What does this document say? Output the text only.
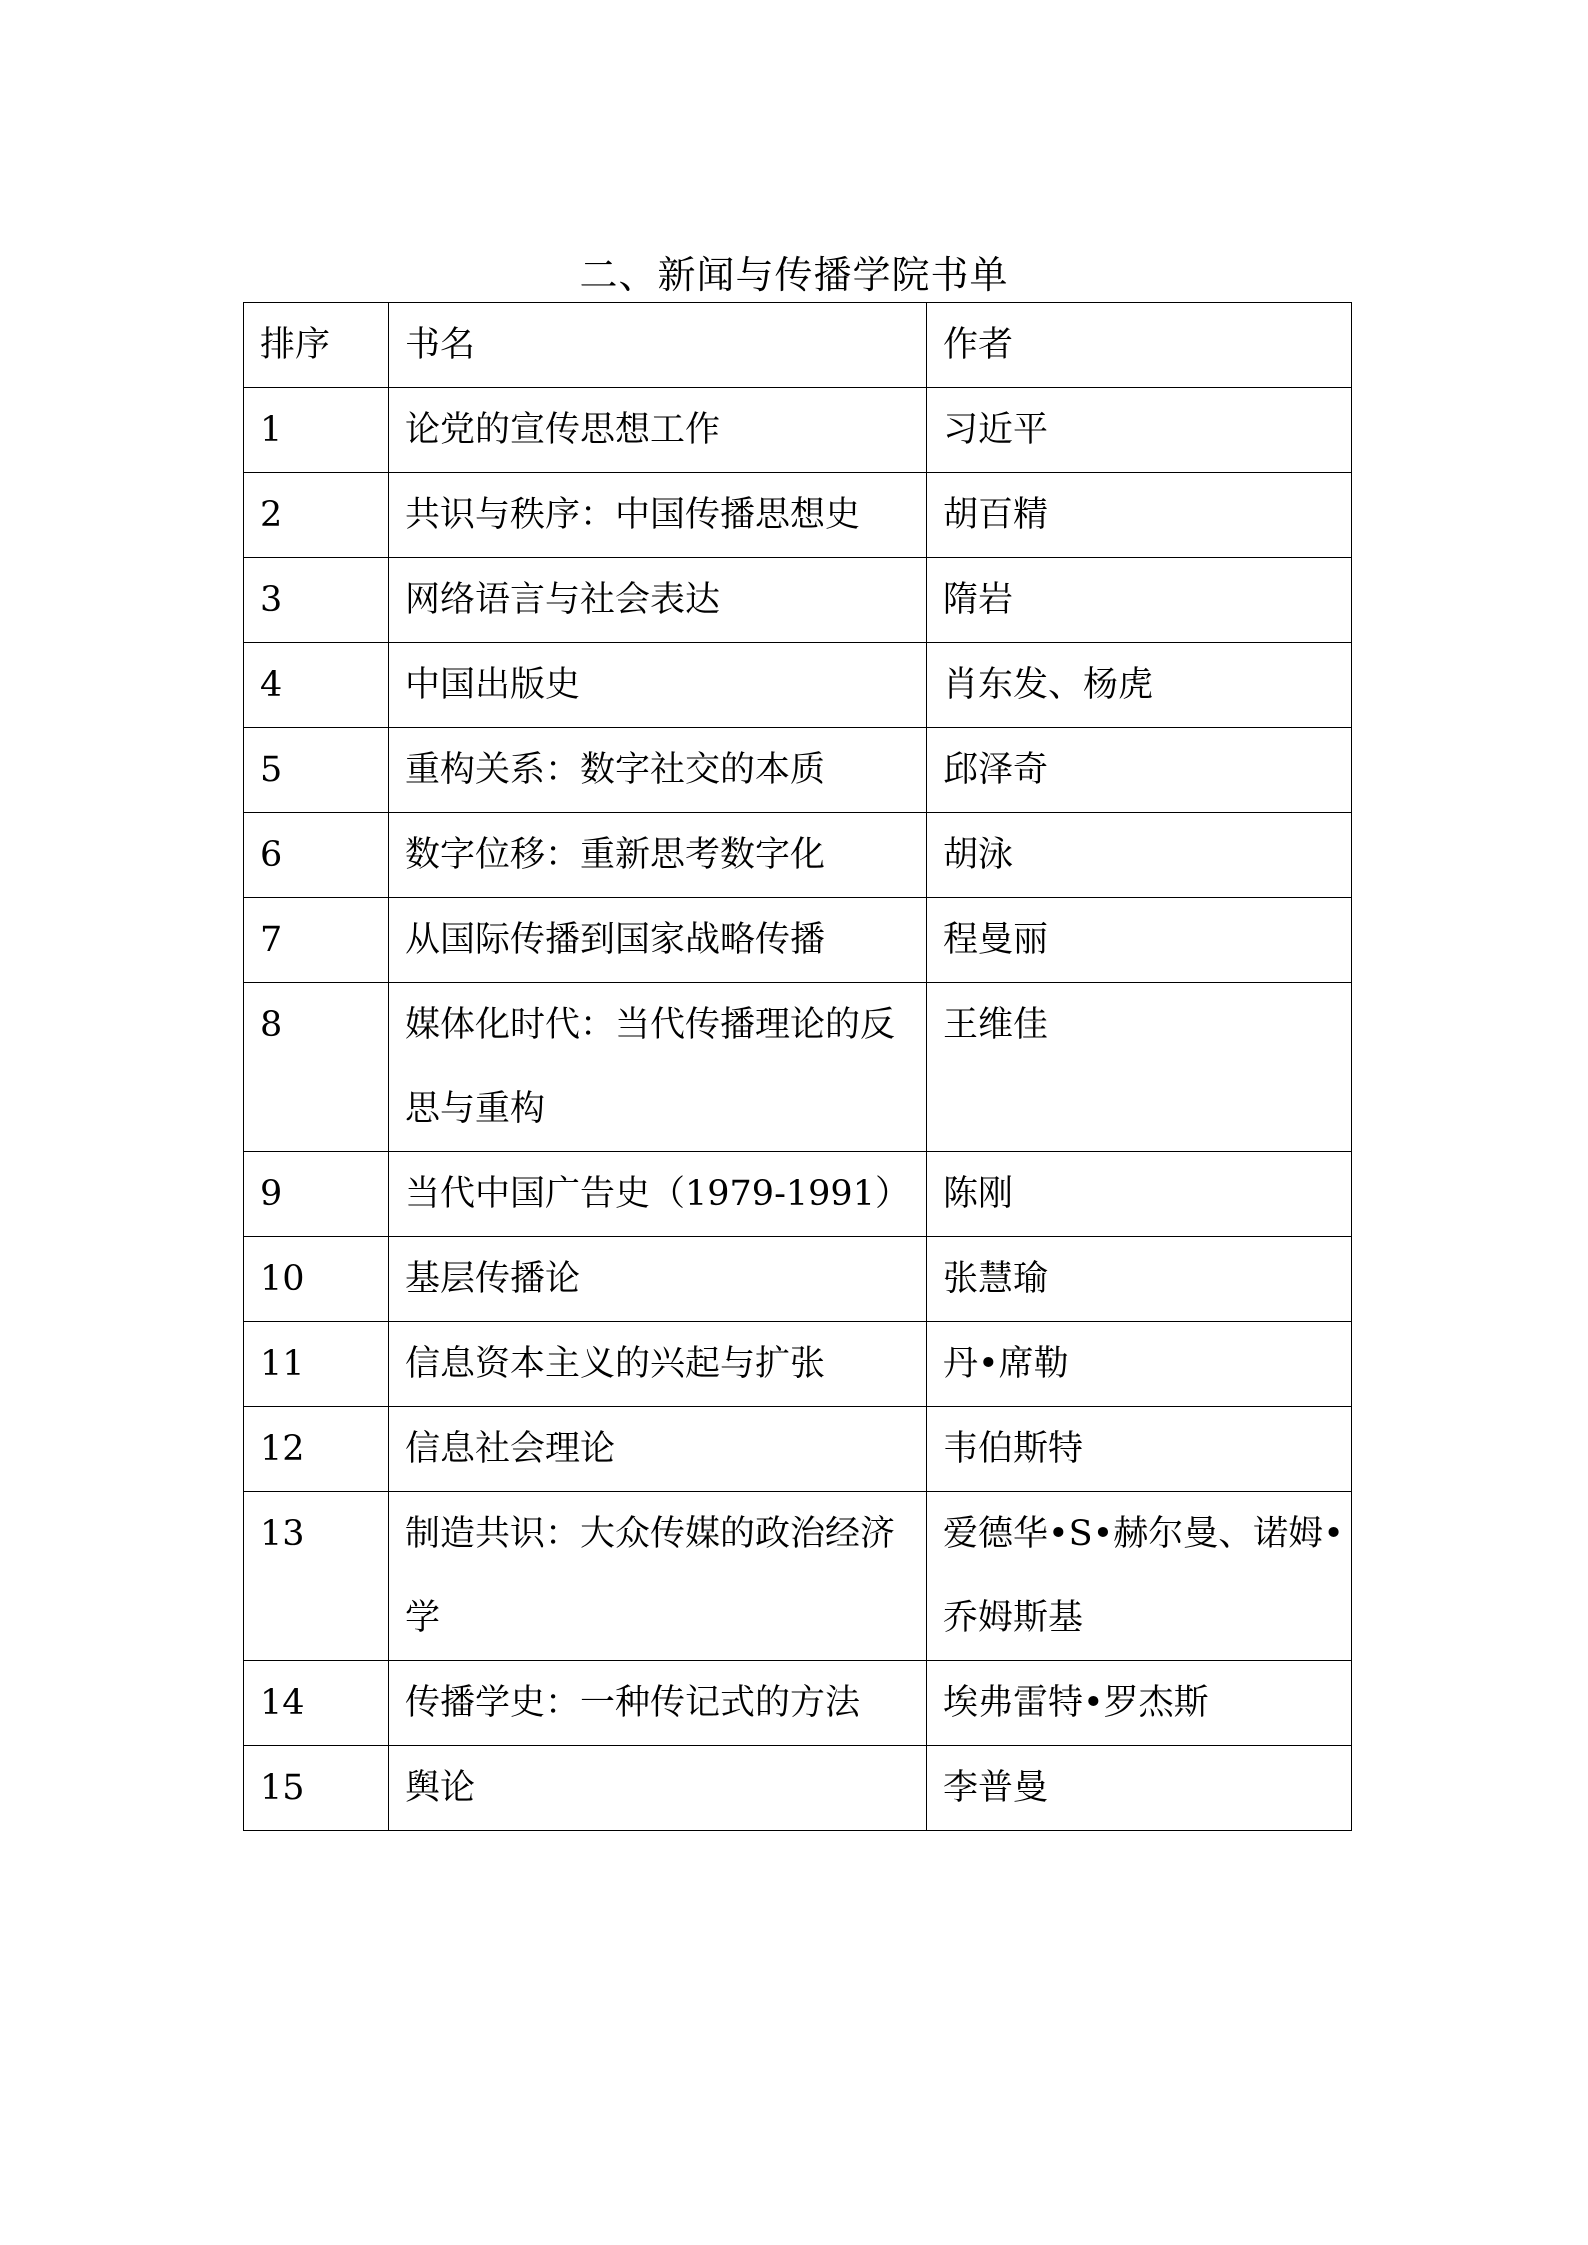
二、新闻与传播学院书单
排序	书名	作者
1	论党的宣传思想工作	习近平
2	共识与秩序：中国传播思想史	胡百精
3	网络语言与社会表达	隋岩
4	中国出版史	肖东发、杨虎
5	重构关系：数字社交的本质	邱泽奇
6	数字位移：重新思考数字化	胡泳
7	从国际传播到国家战略传播	程曼丽
8	媒体化时代：当代传播理论的反思与重构	王维佳
9	当代中国广告史（1979-1991）	陈刚
10	基层传播论	张慧瑜
11	信息资本主义的兴起与扩张	丹•席勒
12	信息社会理论	韦伯斯特
13	制造共识：大众传媒的政治经济学	爱德华•S•赫尔曼、诺姆•乔姆斯基
14	传播学史：一种传记式的方法	埃弗雷特•罗杰斯
15	舆论	李普曼
